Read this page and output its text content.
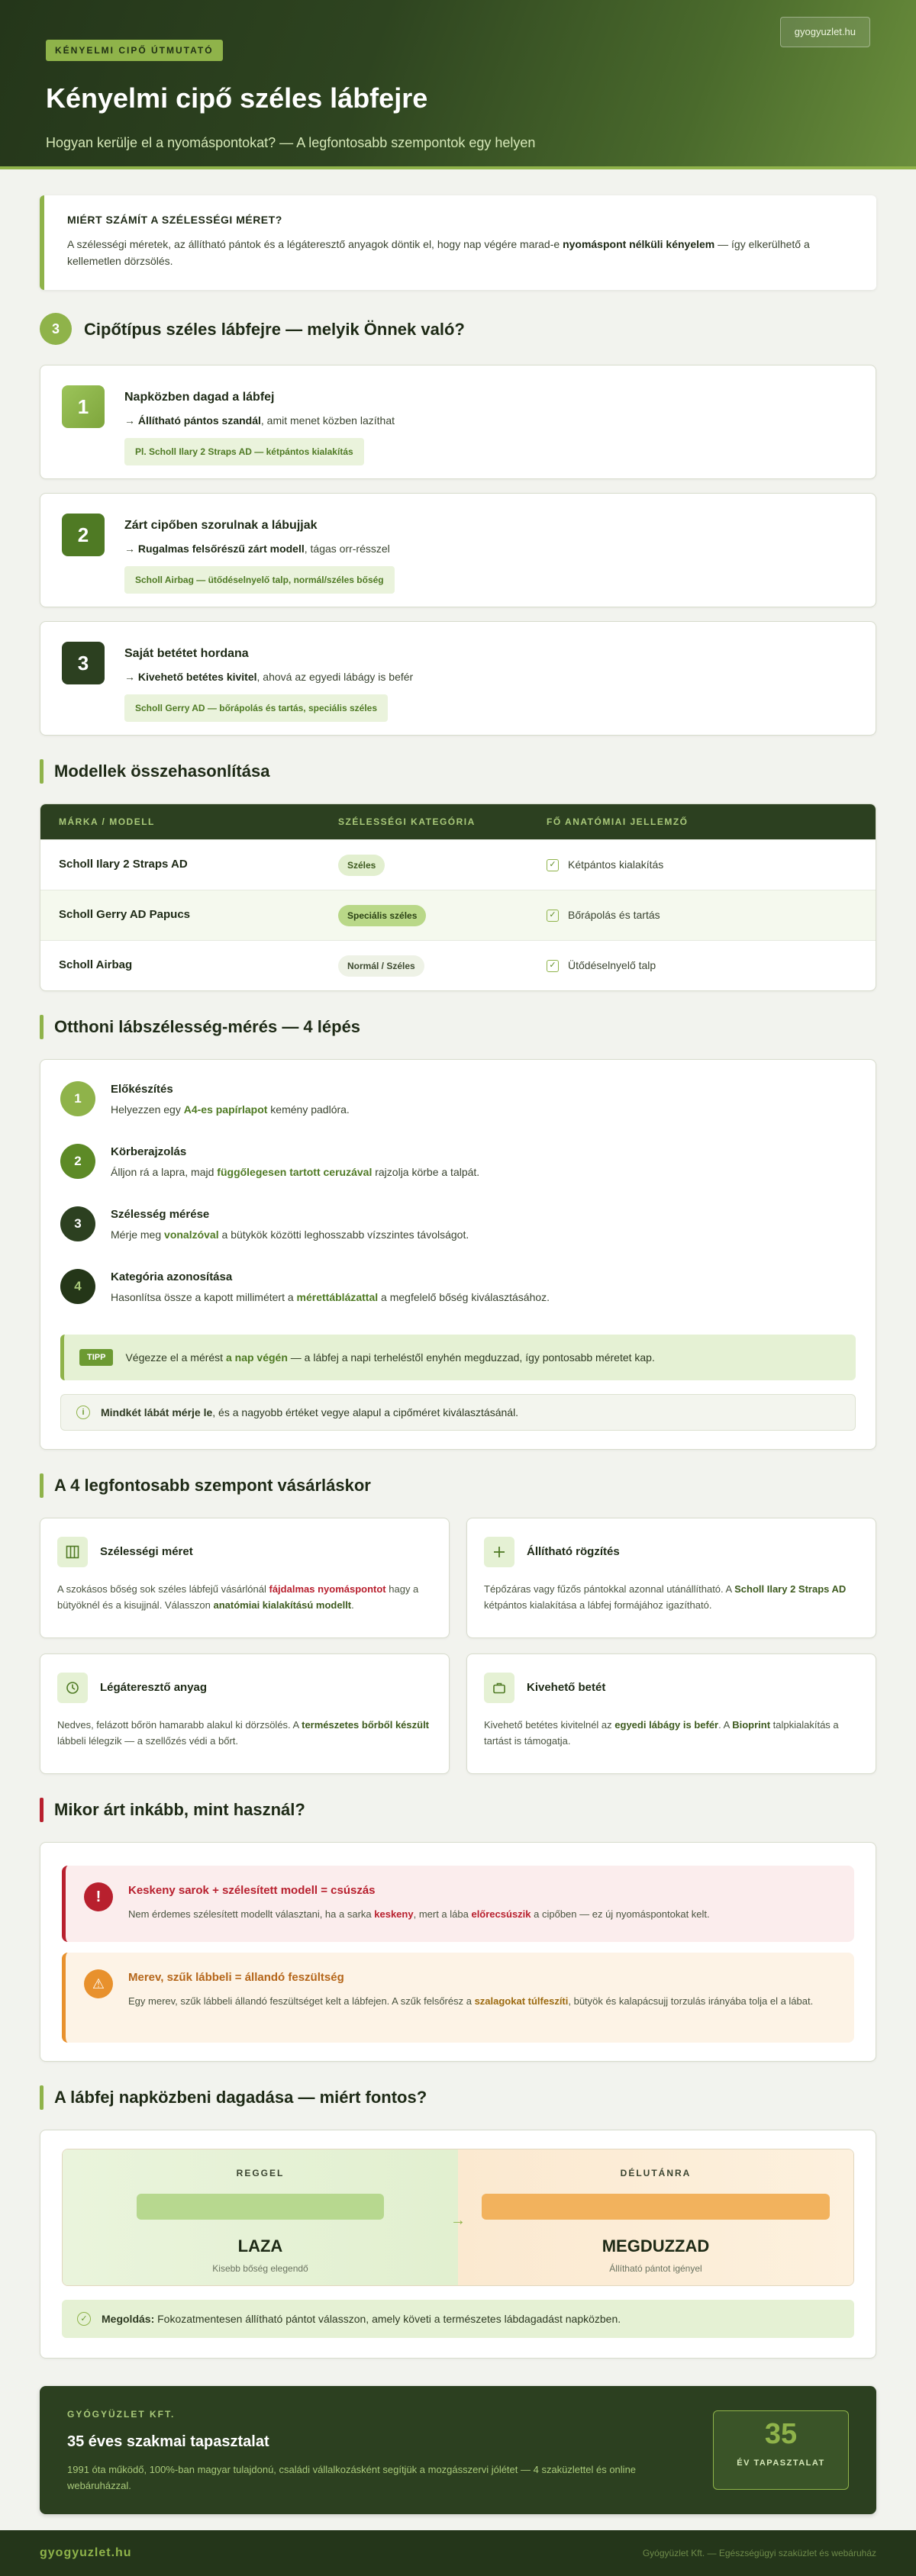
KÉNYELMI CIPŐ ÚTMUTATÓ
Kényelmi cipő széles lábfejre

Hogyan kerülje el a nyomáspontokat? — A legfontosabb szempontok egy helyen

gyogyuzlet.hu
MIÉRT SZÁMÍT A SZÉLESSÉGI MÉRET?

A szélességi méretek, az állítható pántok és a légáteresztő anyagok döntik el, hogy nap végére marad-e nyomáspont nélküli kényelem — így elkerülhető a kellemetlen dörzsölés.

3	Cipőtípus széles lábfejre — melyik Önnek való?
1	Napközben dagad a lábfej
→ Állítható pántos szandál, amit menet közben lazíthat
Pl. Scholl Ilary 2 Straps AD — kétpántos kialakítás
2	Zárt cipőben szorulnak a lábujjak
→ Rugalmas felsőrészű zárt modell, tágas orr-résszel
Scholl Airbag — ütődéselnyelő talp, normál/széles bőség
3	Saját betétet hordana
→ Kivehető betétes kivitel, ahová az egyedi lábágy is befér
Scholl Gerry AD — bőrápolás és tartás, speciális széles
Modellek összehasonlítása
MÁRKA / MODELL	SZÉLESSÉGI KATEGÓRIA	FŐ ANATÓMIAI JELLEMZŐ
Scholl Ilary 2 Straps AD	Széles	✓ Kétpántos kialakítás
Scholl Gerry AD Papucs	Speciális széles	✓ Bőrápolás és tartás
Scholl Airbag	Normál / Széles	✓ Ütődéselnyelő talp
Otthoni lábszélesség-mérés — 4 lépés
1
Előkészítés
Helyezzen egy A4-es papírlapot kemény padlóra.
2
Körberajzolás
Álljon rá a lapra, majd függőlegesen tartott ceruzával rajzolja körbe a talpát.
3
Szélesség mérése
Mérje meg vonalzóval a bütykök közötti leghosszabb vízszintes távolságot.
4
Kategória azonosítása
Hasonlítsa össze a kapott millimétert a mérettáblázattal a megfelelő bőség kiválasztásához.
TIPP	Végezze el a mérést a nap végén — a lábfej a napi terheléstől enyhén megduzzad, így pontosabb méretet kap.
i	Mindkét lábát mérje le, és a nagyobb értéket vegye alapul a cipőméret kiválasztásánál.
A 4 legfontosabb szempont vásárláskor
Szélességi méret

A szokásos bőség sok széles lábfejű vásárlónál fájdalmas nyomáspontot hagy a bütyöknél és a kisujjnál. Válasszon anatómiai kialakítású modellt.

Állítható rögzítés

Tépőzáras vagy fűzős pántokkal azonnal utánállítható. A Scholl Ilary 2 Straps AD kétpántos kialakítása a lábfej formájához igazítható.

Légáteresztő anyag

Nedves, felázott bőrön hamarabb alakul ki dörzsölés. A természetes bőrből készült lábbeli lélegzik — a szellőzés védi a bőrt.

Kivehető betét

Kivehető betétes kivitelnél az egyedi lábágy is befér. A Bioprint talpkialakítás a tartást is támogatja.

Mikor árt inkább, mint használ?
!	Keskeny sarok + szélesített modell = csúszás

Nem érdemes szélesített modellt választani, ha a sarka keskeny, mert a lába előrecsúszik a cipőben — ez új nyomáspontokat kelt.

⚠	Merev, szűk lábbeli = állandó feszültség

Egy merev, szűk lábbeli állandó feszültséget kelt a lábfejen. A szűk felsőrész a szalagokat túlfeszíti, bütyök és kalapácsujj torzulás irányába tolja el a lábat.

A lábfej napközbeni dagadása — miért fontos?
REGGEL
LAZA
Kisebb bőség elegendő
→
DÉLUTÁNRA
MEGDUZZAD
Állítható pántot igényel
✓	Megoldás: Fokozatmentesen állítható pántot válasszon, amely követi a természetes lábdagadást napközben.
GYÓGYÜZLET KFT.
35 éves szakmai tapasztalat

1991 óta működő, 100%-ban magyar tulajdonú, családi vállalkozásként segítjük a mozgásszervi jólétet — 4 szaküzlettel és online webáruházzal.

35
ÉV TAPASZTALAT
gyogyuzlet.hu	Gyógyüzlet Kft. — Egészségügyi szaküzlet és webáruház
